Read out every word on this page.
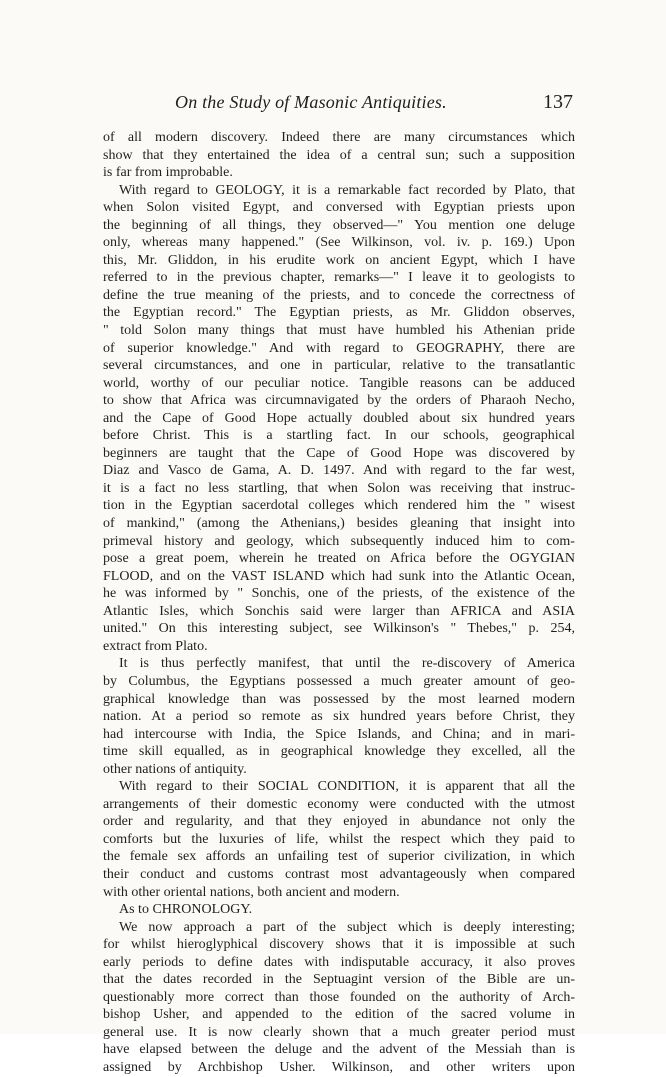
On the Study of Masonic Antiquities.	137
of all modern discovery. Indeed there are many circumstances which
show that they entertained the idea of a central sun; such a supposition
is far from improbable.
With regard to GEOLOGY, it is a remarkable fact recorded by Plato, that
when Solon visited Egypt, and conversed with Egyptian priests upon
the beginning of all things, they observed—" You mention one deluge
only, whereas many happened." (See Wilkinson, vol. iv. p. 169.) Upon
this, Mr. Gliddon, in his erudite work on ancient Egypt, which I have
referred to in the previous chapter, remarks—" I leave it to geologists to
define the true meaning of the priests, and to concede the correctness of
the Egyptian record." The Egyptian priests, as Mr. Gliddon observes,
" told Solon many things that must have humbled his Athenian pride
of superior knowledge." And with regard to GEOGRAPHY, there are
several circumstances, and one in particular, relative to the transatlantic
world, worthy of our peculiar notice. Tangible reasons can be adduced
to show that Africa was circumnavigated by the orders of Pharaoh Necho,
and the Cape of Good Hope actually doubled about six hundred years
before Christ. This is a startling fact. In our schools, geographical
beginners are taught that the Cape of Good Hope was discovered by
Diaz and Vasco de Gama, A. D. 1497. And with regard to the far west,
it is a fact no less startling, that when Solon was receiving that instruc-
tion in the Egyptian sacerdotal colleges which rendered him the " wisest
of mankind," (among the Athenians,) besides gleaning that insight into
primeval history and geology, which subsequently induced him to com-
pose a great poem, wherein he treated on Africa before the OGYGIAN
FLOOD, and on the VAST ISLAND which had sunk into the Atlantic Ocean,
he was informed by " Sonchis, one of the priests, of the existence of the
Atlantic Isles, which Sonchis said were larger than AFRICA and ASIA
united." On this interesting subject, see Wilkinson's " Thebes," p. 254,
extract from Plato.
It is thus perfectly manifest, that until the re-discovery of America
by Columbus, the Egyptians possessed a much greater amount of geo-
graphical knowledge than was possessed by the most learned modern
nation. At a period so remote as six hundred years before Christ, they
had intercourse with India, the Spice Islands, and China; and in mari-
time skill equalled, as in geographical knowledge they excelled, all the
other nations of antiquity.
With regard to their SOCIAL CONDITION, it is apparent that all the
arrangements of their domestic economy were conducted with the utmost
order and regularity, and that they enjoyed in abundance not only the
comforts but the luxuries of life, whilst the respect which they paid to
the female sex affords an unfailing test of superior civilization, in which
their conduct and customs contrast most advantageously when compared
with other oriental nations, both ancient and modern.
As to CHRONOLOGY.
We now approach a part of the subject which is deeply interesting;
for whilst hieroglyphical discovery shows that it is impossible at such
early periods to define dates with indisputable accuracy, it also proves
that the dates recorded in the Septuagint version of the Bible are un-
questionably more correct than those founded on the authority of Arch-
bishop Usher, and appended to the edition of the sacred volume in
general use. It is now clearly shown that a much greater period must
have elapsed between the deluge and the advent of the Messiah than is
assigned by Archbishop Usher. Wilkinson, and other writers upon
